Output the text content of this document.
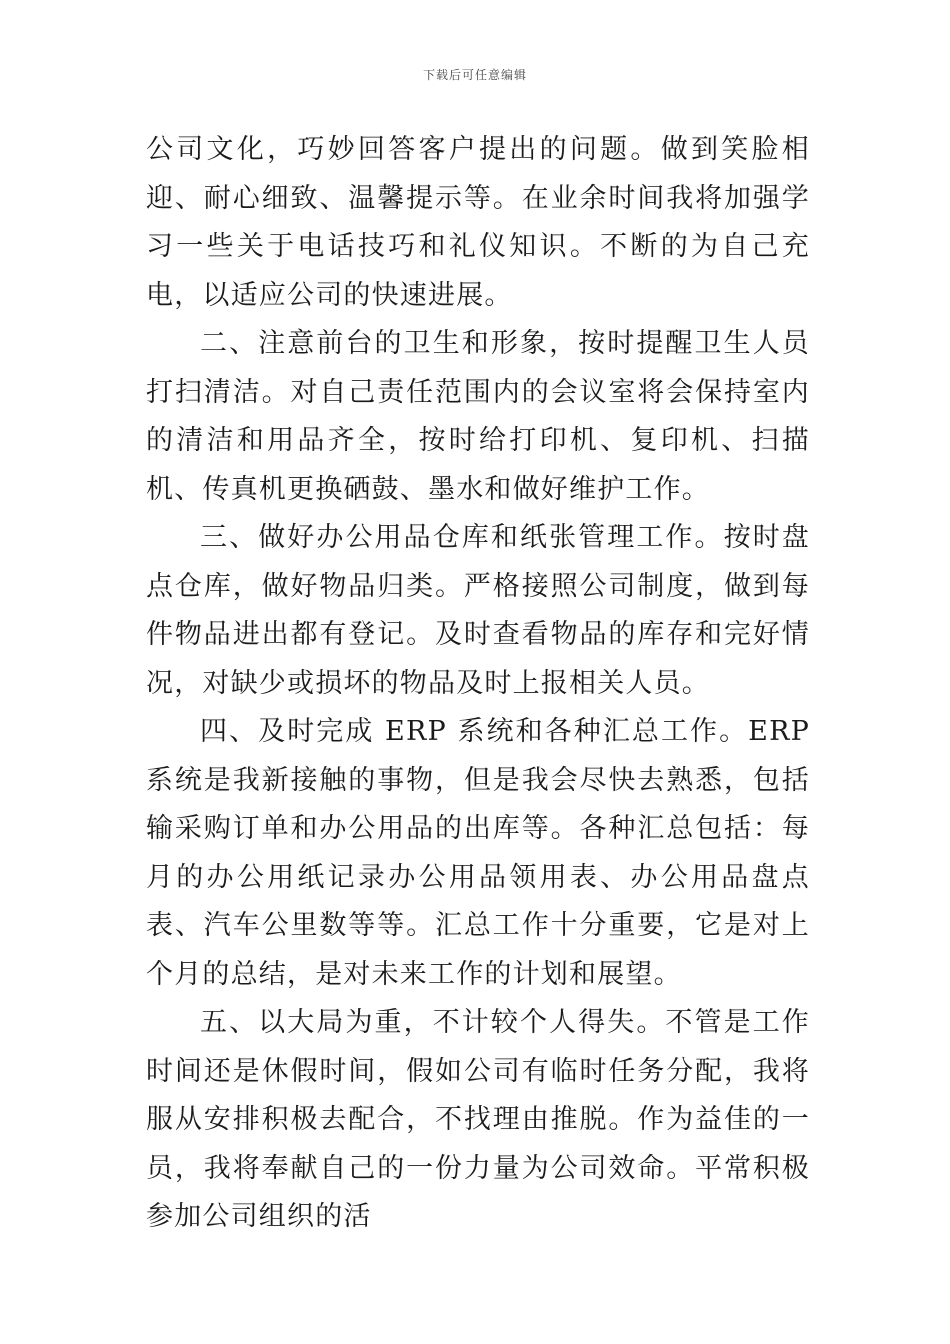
下载后可任意编辑

公司文化，巧妙回答客户提出的问题。做到笑脸相迎、耐心细致、温馨提示等。在业余时间我将加强学习一些关于电话技巧和礼仪知识。不断的为自己充电，以适应公司的快速进展。

二、注意前台的卫生和形象，按时提醒卫生人员打扫清洁。对自己责任范围内的会议室将会保持室内的清洁和用品齐全，按时给打印机、复印机、扫描机、传真机更换硒鼓、墨水和做好维护工作。

三、做好办公用品仓库和纸张管理工作。按时盘点仓库，做好物品归类。严格接照公司制度，做到每件物品进出都有登记。及时查看物品的库存和完好情况，对缺少或损坏的物品及时上报相关人员。

四、及时完成 ERP 系统和各种汇总工作。ERP 系统是我新接触的事物，但是我会尽快去熟悉，包括输采购订单和办公用品的出库等。各种汇总包括：每月的办公用纸记录办公用品领用表、办公用品盘点表、汽车公里数等等。汇总工作十分重要，它是对上个月的总结，是对未来工作的计划和展望。

五、以大局为重，不计较个人得失。不管是工作时间还是休假时间，假如公司有临时任务分配，我将服从安排积极去配合，不找理由推脱。作为益佳的一员，我将奉献自己的一份力量为公司效命。平常积极参加公司组织的活
